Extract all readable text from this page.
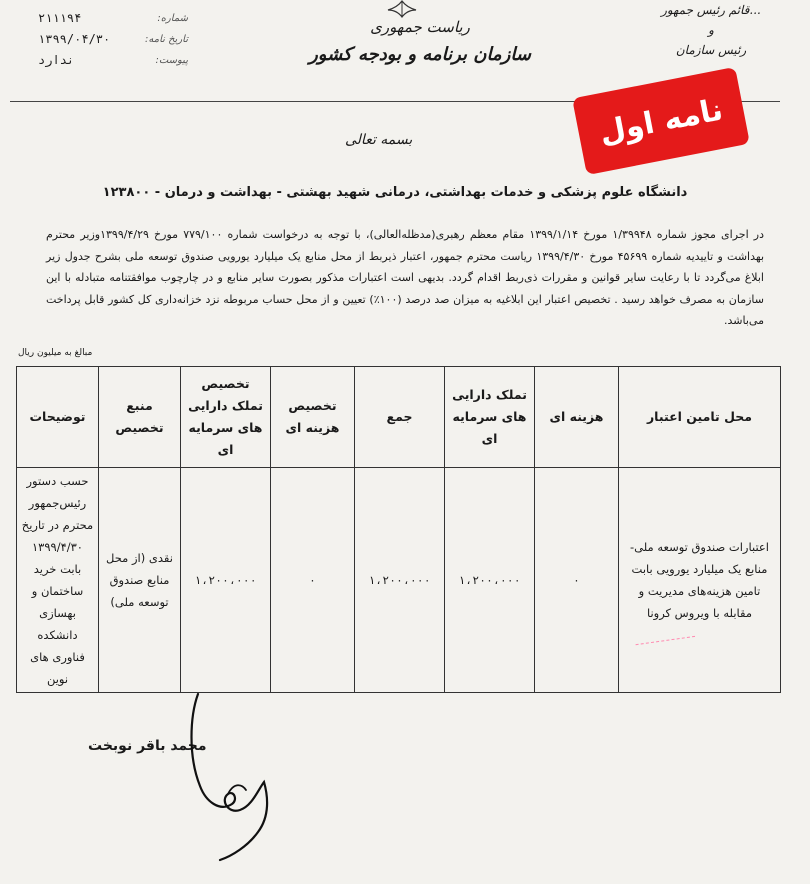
شماره:
۲۱۱۱۹۴
تاریخ نامه:
۱۳۹۹/۰۴/۳۰
پیوست:
ندارد
ریاست جمهوری
سازمان برنامه و بودجه کشور
...قائم رئیس جمهور
و
رئیس سازمان
بسمه تعالی	نامه اول
دانشگاه علوم پزشکی و خدمات بهداشتی، درمانی شهید بهشتی - بهداشت و درمان - ۱۲۳۸۰۰
در اجرای مجوز شماره ۱/۳۹۹۴۸ مورخ ۱۳۹۹/۱/۱۴ مقام معظم رهبری(مدظله‌العالی)، با توجه به درخواست شماره ۷۷۹/۱۰۰ مورخ ۱۳۹۹/۴/۲۹وزیر محترم بهداشت و تاییدیه شماره ۴۵۶۹۹ مورخ ۱۳۹۹/۴/۳۰ ریاست محترم جمهور، اعتبار ذیربط از محل منابع یک میلیارد یورویی صندوق توسعه ملی بشرح جدول زیر ابلاغ می‌گردد تا با رعایت سایر قوانین و مقررات ذی‌ربط اقدام گردد. بدیهی است اعتبارات مذکور بصورت سایر منابع و در چارچوب موافقتنامه متبادله با این سازمان به مصرف خواهد رسید . تخصیص اعتبار این ابلاغیه به میزان صد درصد (۱۰۰٪) تعیین و از محل حساب مربوطه نزد خزانه‌داری کل کشور قابل پرداخت می‌باشد.
مبالغ به میلیون ریال
محل تامین اعتبار	هزینه ای	تملک دارایی های سرمایه ای	جمع	تخصیص هزینه ای	تخصیص تملک دارایی های سرمایه ای	منبع تخصیص	توضیحات
اعتبارات صندوق توسعه ملی- منابع یک میلیارد یورویی بابت تامین هزینه‌های مدیریت و مقابله با ویروس کرونا	۰	۱،۲۰۰،۰۰۰	۱،۲۰۰،۰۰۰	۰	۱،۲۰۰،۰۰۰	نقدی (از محل منابع صندوق توسعه ملی)	حسب دستور رئیس‌جمهور محترم در تاریخ ۱۳۹۹/۴/۳۰ بابت خرید ساختمان و بهسازی دانشکده فناوری های نوین
محمد باقر نوبخت
